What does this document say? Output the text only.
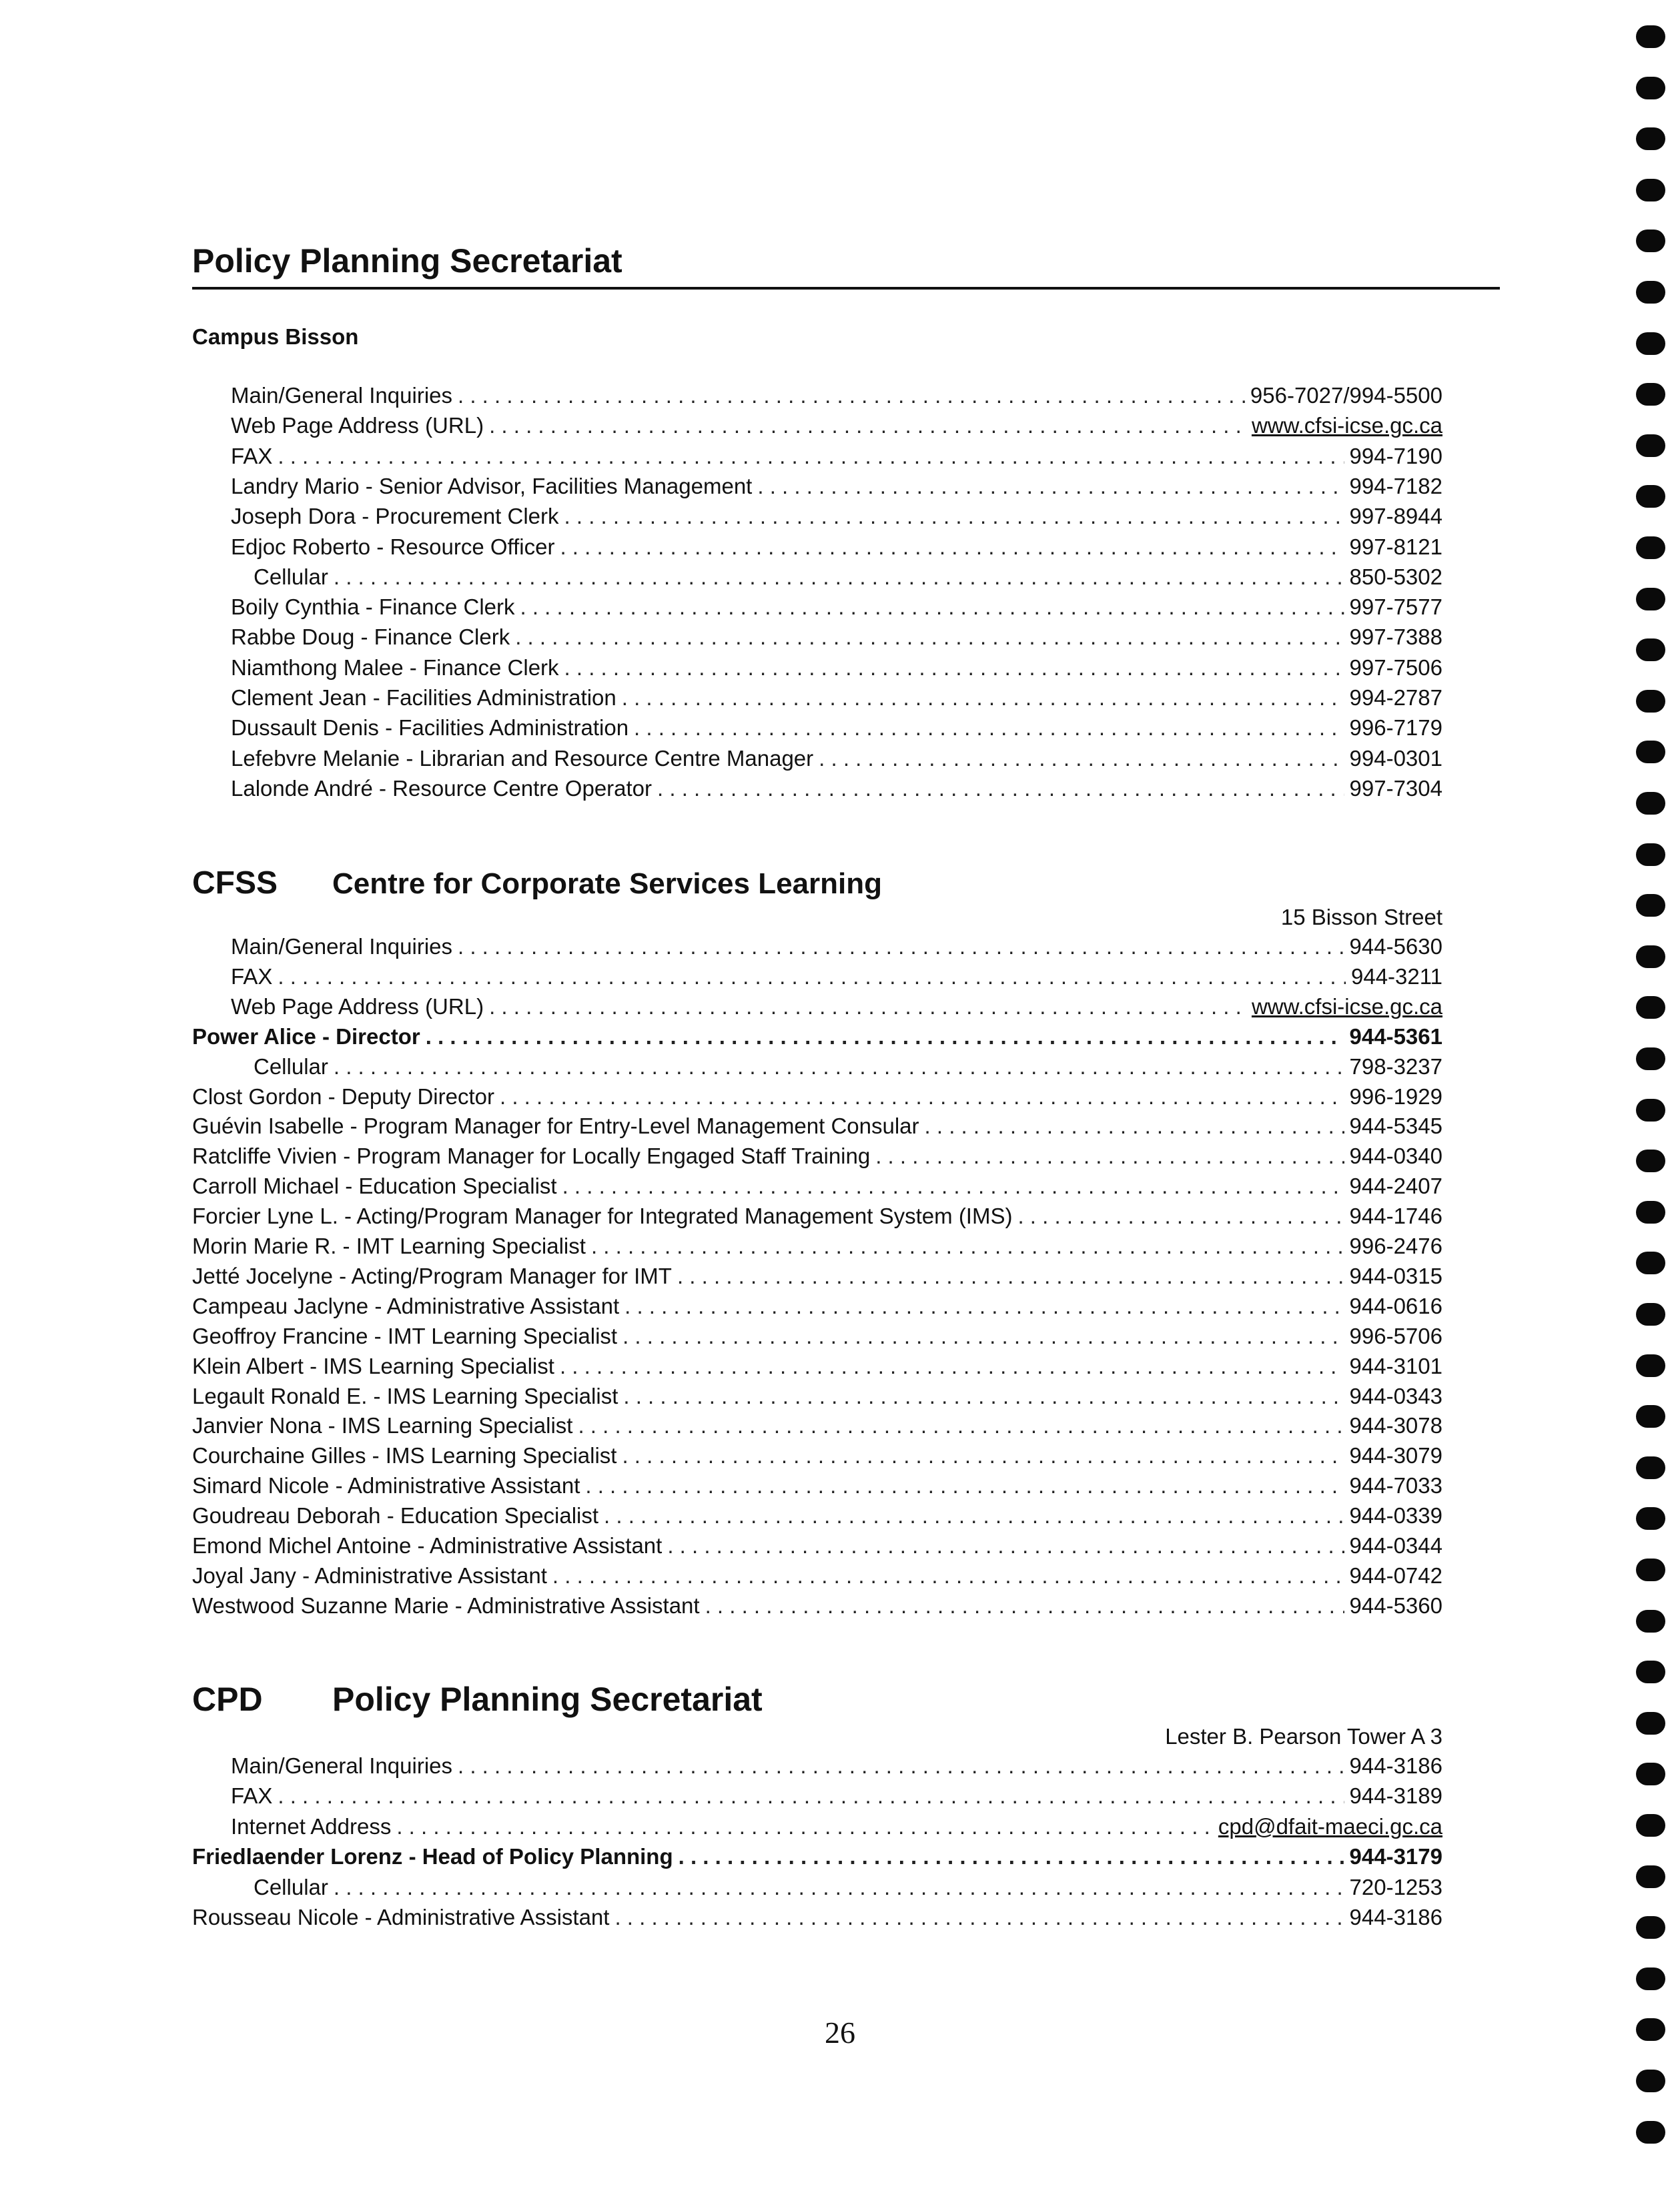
Policy Planning Secretariat
Campus Bisson
Main/General Inquiries . . .	956-7027/994-5500
Web Page Address (URL) . . .	www.cfsi-icse.gc.ca
FAX . . .	994-7190
Landry Mario - Senior Advisor, Facilities Management . . .	994-7182
Joseph Dora - Procurement Clerk . . .	997-8944
Edjoc Roberto - Resource Officer . . .	997-8121
Cellular . . .	850-5302
Boily Cynthia - Finance Clerk . . .	997-7577
Rabbe Doug - Finance Clerk . . .	997-7388
Niamthong Malee - Finance Clerk . . .	997-7506
Clement Jean - Facilities Administration . . .	994-2787
Dussault Denis - Facilities Administration . . .	996-7179
Lefebvre Melanie - Librarian and Resource Centre Manager . . .	994-0301
Lalonde André - Resource Centre Operator . . .	997-7304
CFSS Centre for Corporate Services Learning
15 Bisson Street
Main/General Inquiries . . .	944-5630
FAX . . .	944-3211
Web Page Address (URL) . . .	www.cfsi-icse.gc.ca
Power Alice - Director . . .	944-5361
Cellular . . .	798-3237
Clost Gordon - Deputy Director . . .	996-1929
Guévin Isabelle - Program Manager for Entry-Level Management Consular . . .	944-5345
Ratcliffe Vivien - Program Manager for Locally Engaged Staff Training . . .	944-0340
Carroll Michael - Education Specialist . . .	944-2407
Forcier Lyne L. - Acting/Program Manager for Integrated Management System (IMS) . . .	944-1746
Morin Marie R. - IMT Learning Specialist . . .	996-2476
Jetté Jocelyne - Acting/Program Manager for IMT . . .	944-0315
Campeau Jaclyne - Administrative Assistant . . .	944-0616
Geoffroy Francine - IMT Learning Specialist . . .	996-5706
Klein Albert - IMS Learning Specialist . . .	944-3101
Legault Ronald E. - IMS Learning Specialist . . .	944-0343
Janvier Nona - IMS Learning Specialist . . .	944-3078
Courchaine Gilles - IMS Learning Specialist . . .	944-3079
Simard Nicole - Administrative Assistant . . .	944-7033
Goudreau Deborah - Education Specialist . . .	944-0339
Emond Michel Antoine - Administrative Assistant . . .	944-0344
Joyal Jany - Administrative Assistant . . .	944-0742
Westwood Suzanne Marie - Administrative Assistant . . .	944-5360
CPD Policy Planning Secretariat
Lester B. Pearson Tower A 3
Main/General Inquiries . . .	944-3186
FAX . . .	944-3189
Internet Address . . .	cpd@dfait-maeci.gc.ca
Friedlaender Lorenz - Head of Policy Planning . . .	944-3179
Cellular . . .	720-1253
Rousseau Nicole - Administrative Assistant . . .	944-3186
26
